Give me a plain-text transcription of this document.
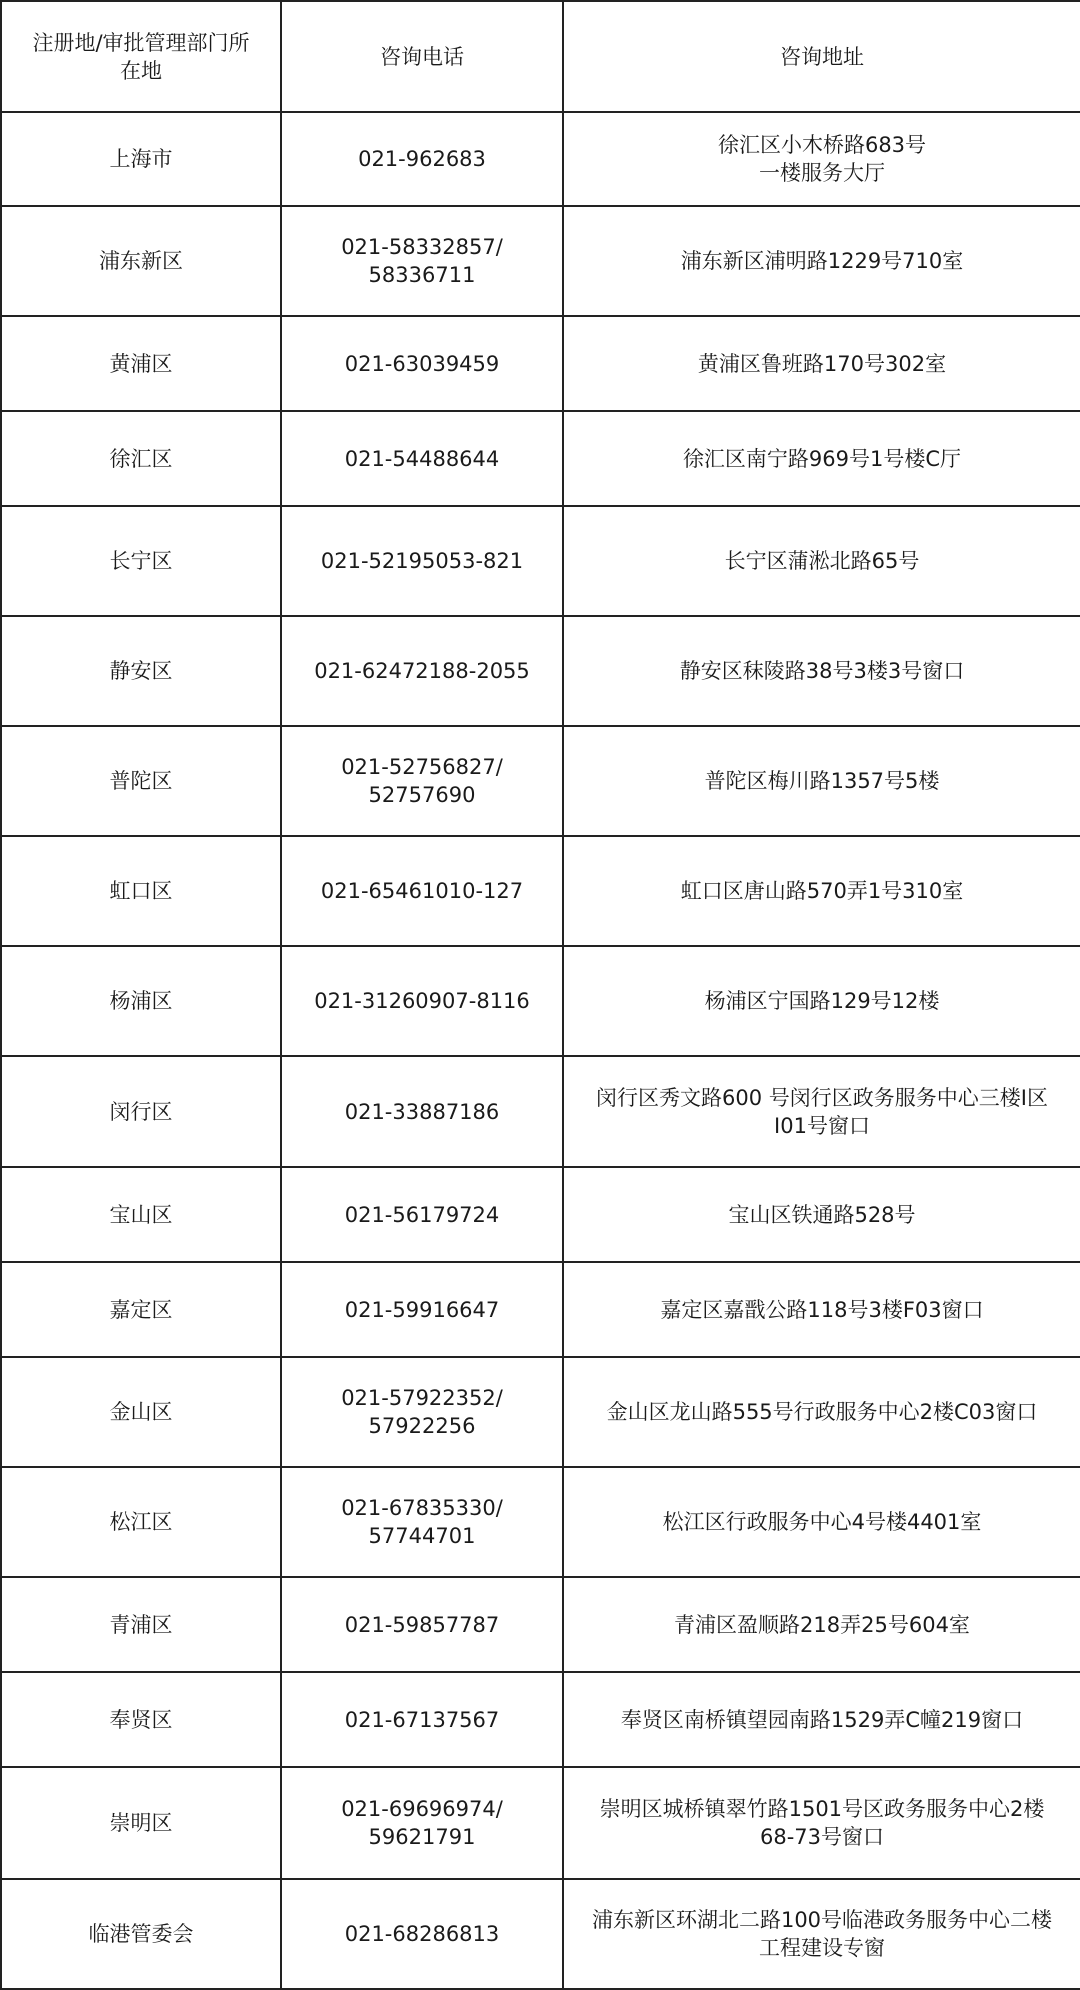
注册地/审批管理部门所
在地	咨询电话	咨询地址

上海市	021-962683	徐汇区小木桥路683号
一楼服务大厅

浦东新区	021-58332857/
58336711	浦东新区浦明路1229号710室

黄浦区	021-63039459	黄浦区鲁班路170号302室

徐汇区	021-54488644	徐汇区南宁路969号1号楼C厅

长宁区	021-52195053-821	长宁区蒲淞北路65号

静安区	021-62472188-2055	静安区秣陵路38号3楼3号窗口

普陀区	021-52756827/
52757690	普陀区梅川路1357号5楼

虹口区	021-65461010-127	虹口区唐山路570弄1号310室

杨浦区	021-31260907-8116	杨浦区宁国路129号12楼

闵行区	021-33887186	闵行区秀文路600 号闵行区政务服务中心三楼I区
I01号窗口

宝山区	021-56179724	宝山区铁通路528号

嘉定区	021-59916647	嘉定区嘉戬公路118号3楼F03窗口

金山区	021-57922352/
57922256	金山区龙山路555号行政服务中心2楼C03窗口

松江区	021-67835330/
57744701	松江区行政服务中心4号楼4401室

青浦区	021-59857787	青浦区盈顺路218弄25号604室

奉贤区	021-67137567	奉贤区南桥镇望园南路1529弄C幢219窗口

崇明区	021-69696974/
59621791	崇明区城桥镇翠竹路1501号区政务服务中心2楼
68-73号窗口

临港管委会	021-68286813	浦东新区环湖北二路100号临港政务服务中心二楼
工程建设专窗
